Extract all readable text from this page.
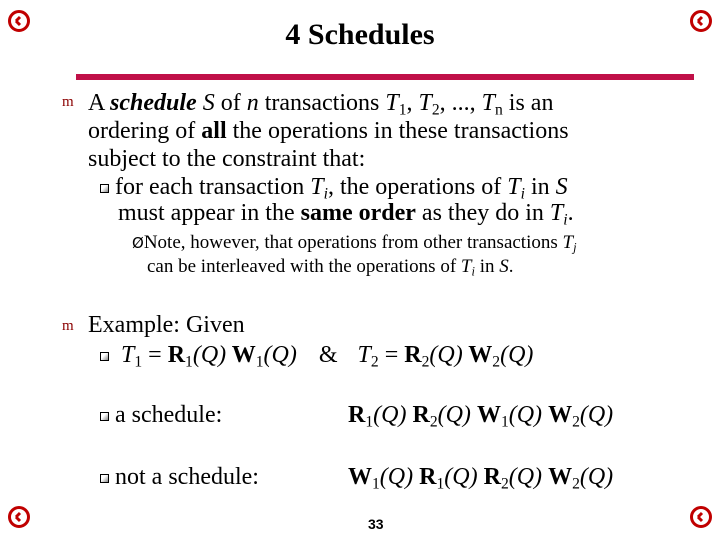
4 Schedules
m A schedule S of n transactions $T_1$, $T_2$, ..., $T_n$ is an
ordering of all the operations in these transactions
subject to the constraint that:
for each transaction $T_i$, the operations of $T_i$ in S
must appear in the same order as they do in $T_i$.
ØNote, however, that operations from other transactions $T_j$
can be interleaved with the operations of $T_i$ in S.
m Example: Given
$T_1 = R_1(Q)$ $W_1(Q)$ & $T_2 = R_2(Q)$ $W_2(Q)$
a schedule:	$R_1(Q)$ $R_2(Q)$ $W_1(Q)$ $W_2(Q)$
not a schedule:	$W_1(Q)$ $R_1(Q)$ $R_2(Q)$ $W_2(Q)$
33
